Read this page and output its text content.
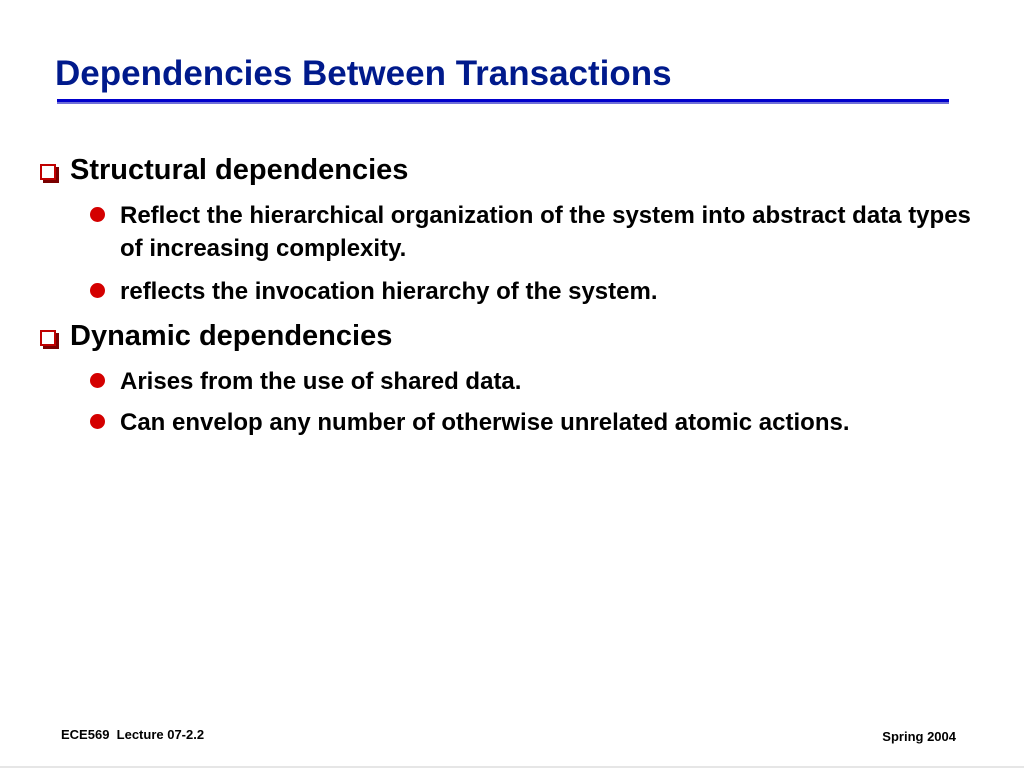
Dependencies Between Transactions
Structural dependencies
Reflect the hierarchical organization of the system into abstract data types of increasing complexity.
reflects the invocation hierarchy of the system.
Dynamic dependencies
Arises from the use of shared data.
Can envelop any number of otherwise unrelated atomic actions.
ECE569  Lecture 07-2.2	Spring 2004
